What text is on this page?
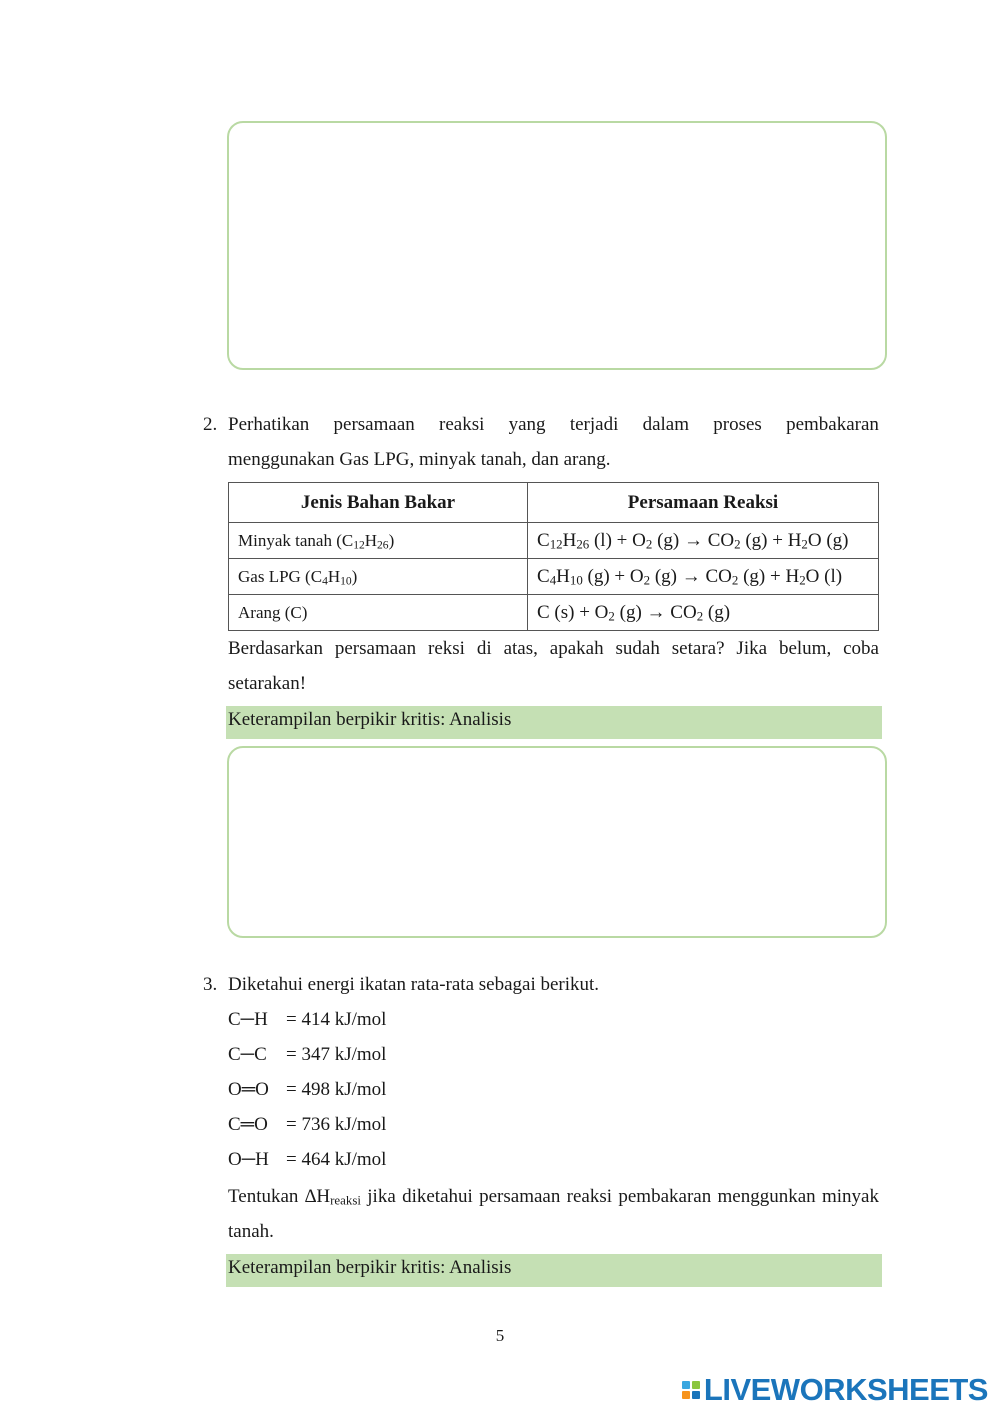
2. Perhatikan persamaan reaksi yang terjadi dalam proses pembakaran
menggunakan Gas LPG, minyak tanah, dan arang.
Jenis Bahan Bakar	Persamaan Reaksi
Minyak tanah $(C_{12}H_{26})$	$C_{12}H_{26}$ $(l) + O_2$ $(g) \to CO_2$ $(g) + H_2O$ (g)
Gas LPG $(C_4H_{10})$	$C_4H_{10}$ $(g) + O_2$ $(g) \to CO_2$ $(g) + H_2O$ (l)
Arang (C)	C $(s) + O_2$ $(g) \to CO_2$ (g)
Berdasarkan persamaan reksi di atas, apakah sudah setara? Jika belum, coba setarakan!
Keterampilan berpikir kritis: Analisis
3. Diketahui energi ikatan rata-rata sebagai berikut.
C─H = 414 kJ/mol
C─C = 347 kJ/mol
O═O = 498 kJ/mol
C═O = 736 kJ/mol
O─H = 464 kJ/mol
Tentukan $\Delta H_{reaksi}$ jika diketahui persamaan reaksi pembakaran menggunkan minyak tanah.
Keterampilan berpikir kritis: Analisis
5
LIVEWORKSHEETS
